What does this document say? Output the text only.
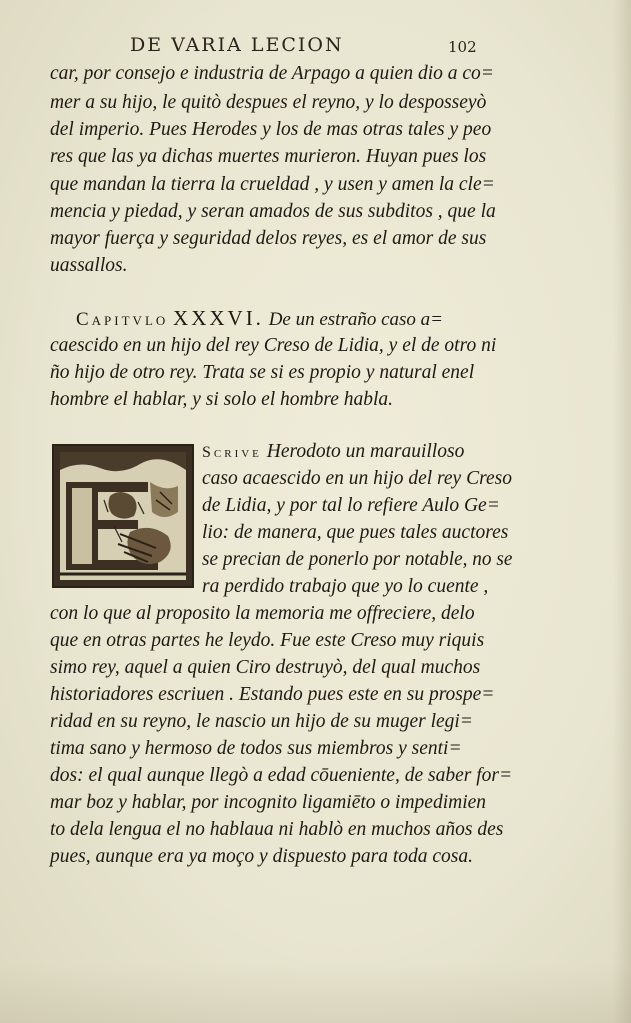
DE VARIA LECION	102
car, por consejo e industria de Arpago a quien dio a co=
mer a su hijo, le quitò despues el reyno, y lo desposseyò
del imperio. Pues Herodes y los de mas otras tales y peo
res que las ya dichas muertes murieron. Huyan pues los
que mandan la tierra la crueldad , y usen y amen la cle=
mencia y piedad, y seran amados de sus subditos , que la
mayor fuerça y seguridad delos reyes, es el amor de sus
uassallos.
Capitvlo XXXVI. De un estraño caso a=
caescido en un hijo del rey Creso de Lidia, y el de otro ni
ño hijo de otro rey. Trata se si es propio y natural enel
hombre el hablar, y si solo el hombre habla.
Scrive Herodoto un marauilloso
caso acaescido en un hijo del rey Creso
de Lidia, y por tal lo refiere Aulo Ge=
lio: de manera, que pues tales auctores
se precian de ponerlo por notable, no se
ra perdido trabajo que yo lo cuente ,
con lo que al proposito la memoria me offreciere, delo
que en otras partes he leydo. Fue este Creso muy riquis
simo rey, aquel a quien Ciro destruyò, del qual muchos
historiadores escriuen . Estando pues este en su prospe=
ridad en su reyno, le nascio un hijo de su muger legi=
tima sano y hermoso de todos sus miembros y senti=
dos: el qual aunque llegò a edad cōueniente, de saber for=
mar boz y hablar, por incognito ligamiēto o impedimien
to dela lengua el no hablaua ni hablò en muchos años des
pues, aunque era ya moço y dispuesto para toda cosa.
